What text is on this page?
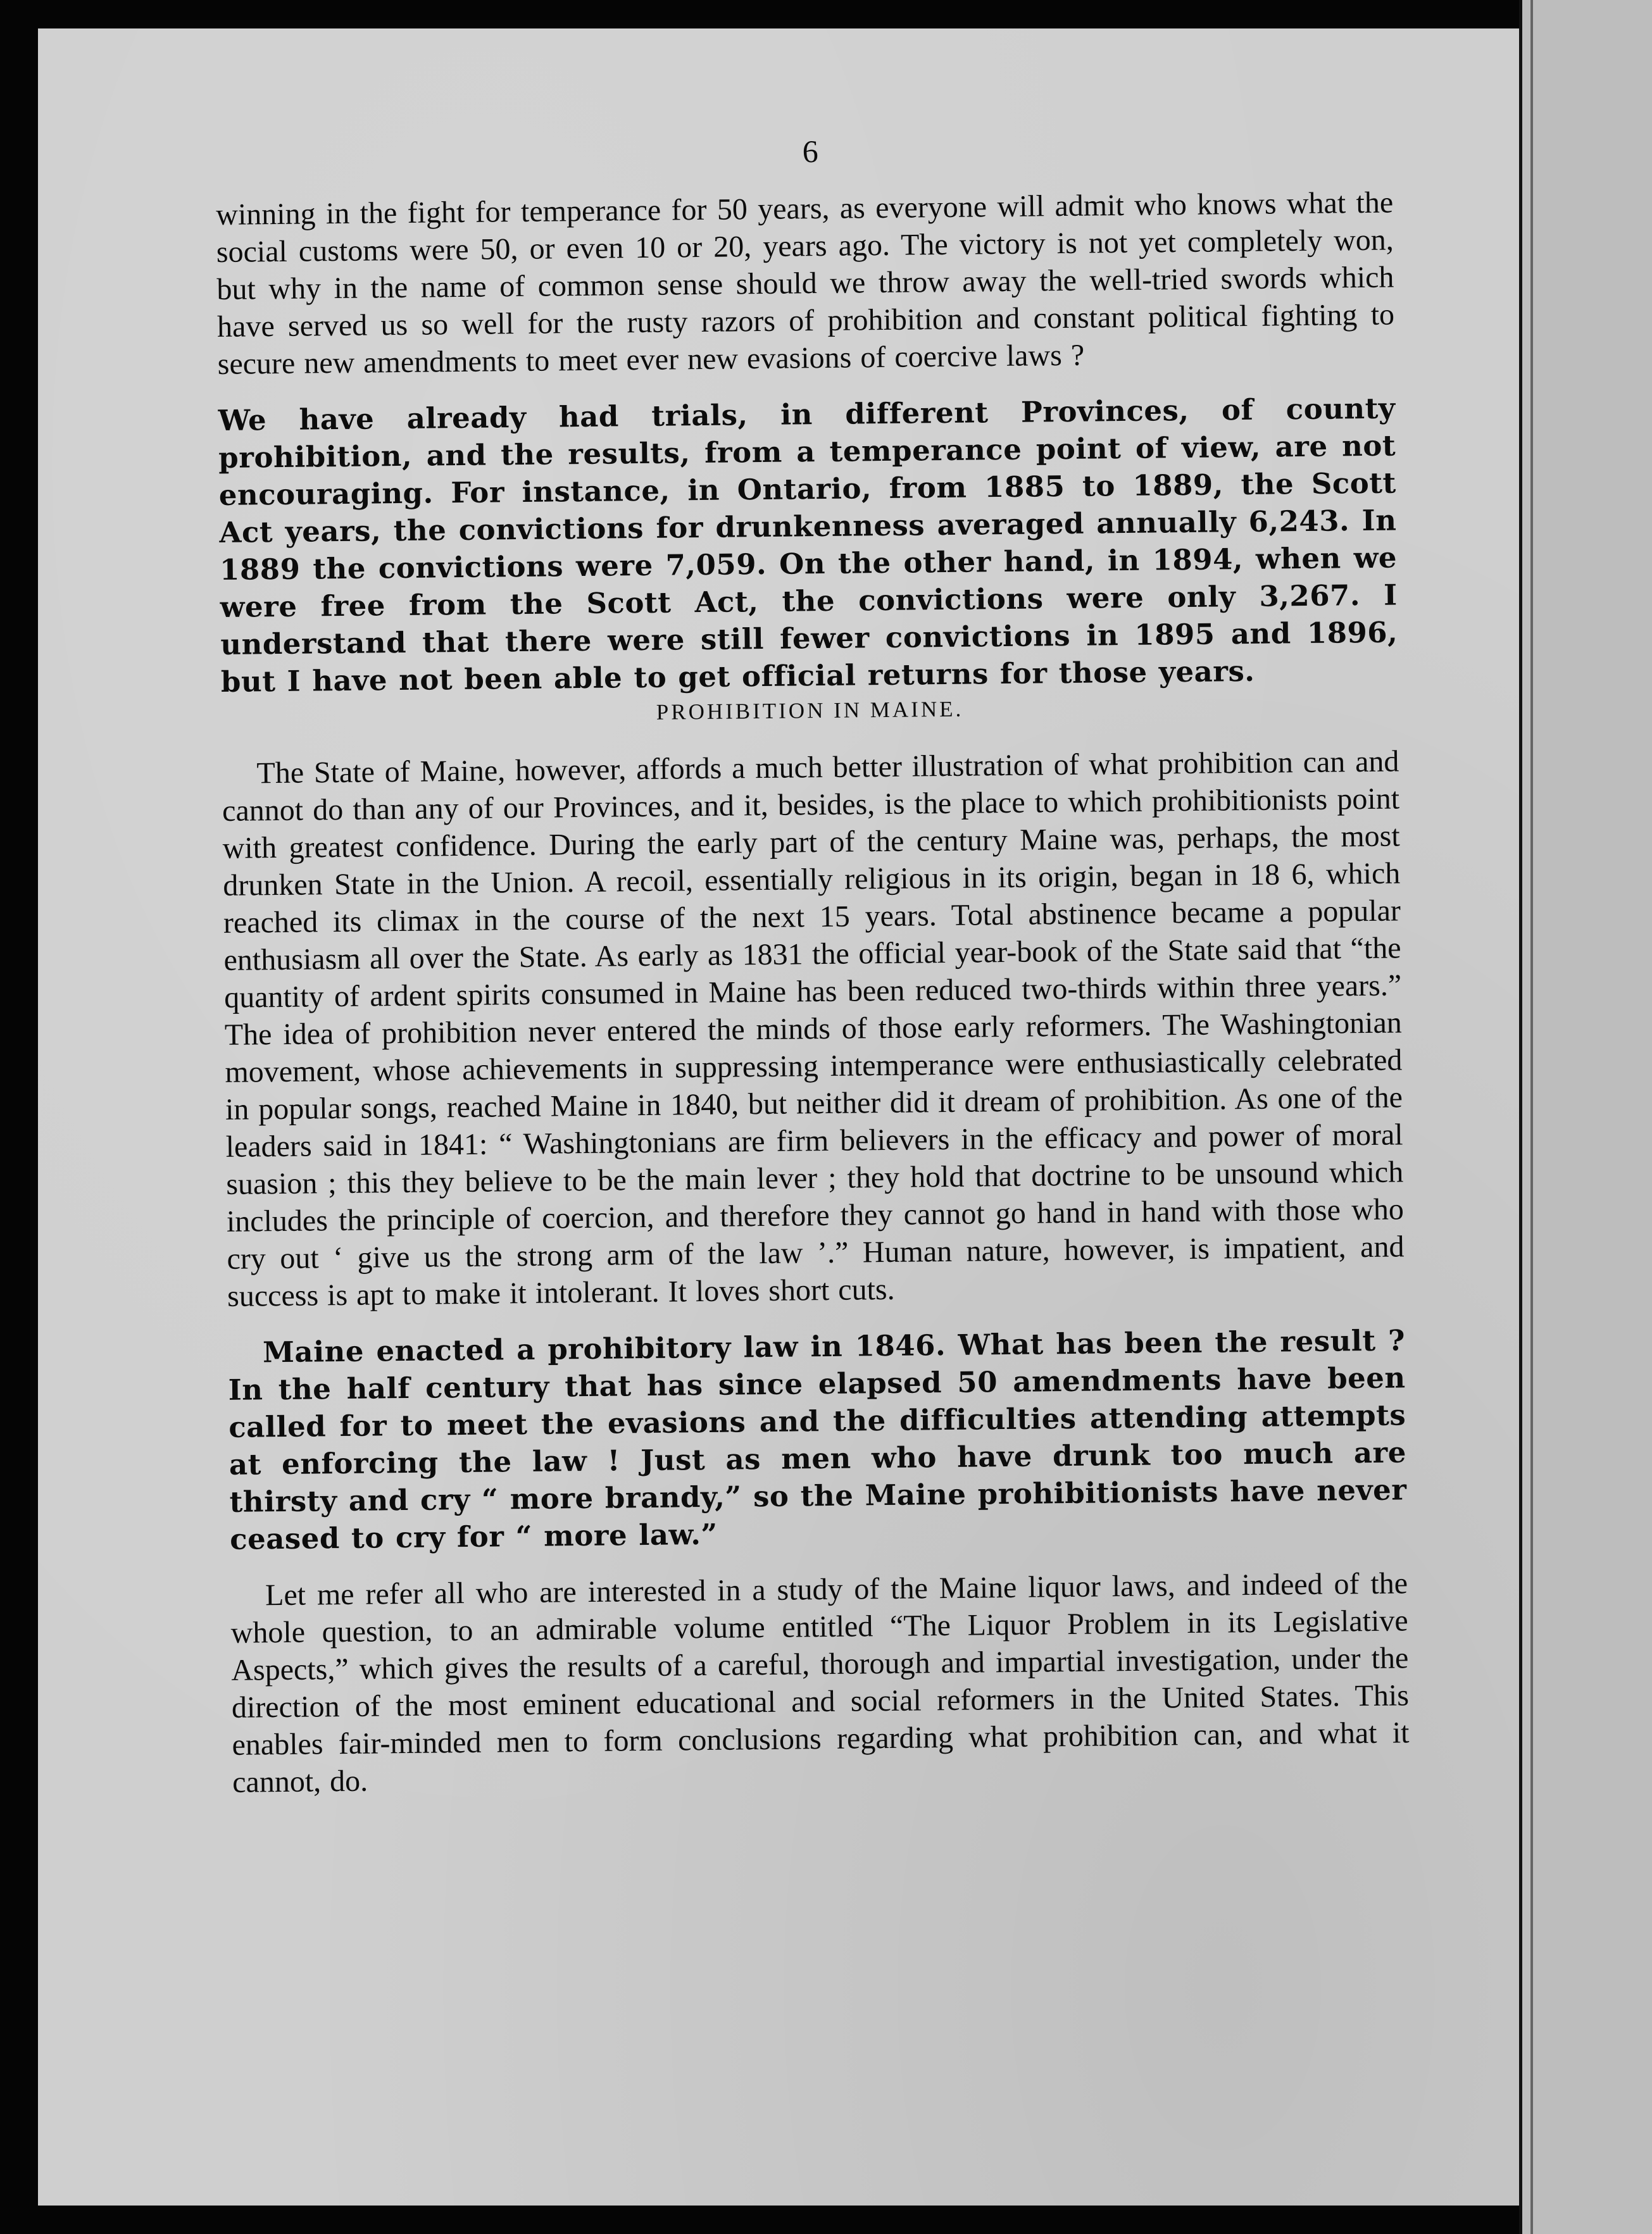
6

winning in the fight for temperance for 50 years, as everyone will admit who knows what the social customs were 50, or even 10 or 20, years ago. The victory is not yet completely won, but why in the name of common sense should we throw away the well-tried swords which have served us so well for the rusty razors of prohibition and constant political fighting to secure new amendments to meet ever new evasions of coercive laws ?

We have already had trials, in different Provinces, of county prohibition, and the results, from a temperance point of view, are not encouraging. For instance, in Ontario, from 1885 to 1889, the Scott Act years, the convictions for drunkenness averaged annually 6,243. In 1889 the convictions were 7,059. On the other hand, in 1894, when we were free from the Scott Act, the convictions were only 3,267. I understand that there were still fewer convictions in 1895 and 1896, but I have not been able to get official returns for those years.

PROHIBITION IN MAINE.

The State of Maine, however, affords a much better illustration of what prohibition can and cannot do than any of our Provinces, and it, besides, is the place to which prohibitionists point with greatest confidence. During the early part of the century Maine was, perhaps, the most drunken State in the Union. A recoil, essentially religious in its origin, began in 18 6, which reached its climax in the course of the next 15 years. Total abstinence became a popular enthusiasm all over the State. As early as 1831 the official year-book of the State said that “the quantity of ardent spirits consumed in Maine has been reduced two-thirds within three years.” The idea of prohibition never entered the minds of those early reformers. The Washingtonian movement, whose achievements in suppressing intemperance were enthusiastically celebrated in popular songs, reached Maine in 1840, but neither did it dream of prohibition. As one of the leaders said in 1841: “ Washingtonians are firm believers in the efficacy and power of moral suasion ; this they believe to be the main lever ; they hold that doctrine to be unsound which includes the principle of coercion, and therefore they cannot go hand in hand with those who cry out ‘ give us the strong arm of the law ’.” Human nature, however, is impatient, and success is apt to make it intolerant. It loves short cuts.

Maine enacted a prohibitory law in 1846. What has been the result ? In the half century that has since elapsed 50 amendments have been called for to meet the evasions and the difficulties attending attempts at enforcing the law ! Just as men who have drunk too much are thirsty and cry “ more brandy,” so the Maine prohibitionists have never ceased to cry for “ more law.”

Let me refer all who are interested in a study of the Maine liquor laws, and indeed of the whole question, to an admirable volume entitled “The Liquor Problem in its Legislative Aspects,” which gives the results of a careful, thorough and impartial investigation, under the direction of the most eminent educational and social reformers in the United States. This enables fair-minded men to form conclusions regarding what prohibition can, and what it cannot, do.
